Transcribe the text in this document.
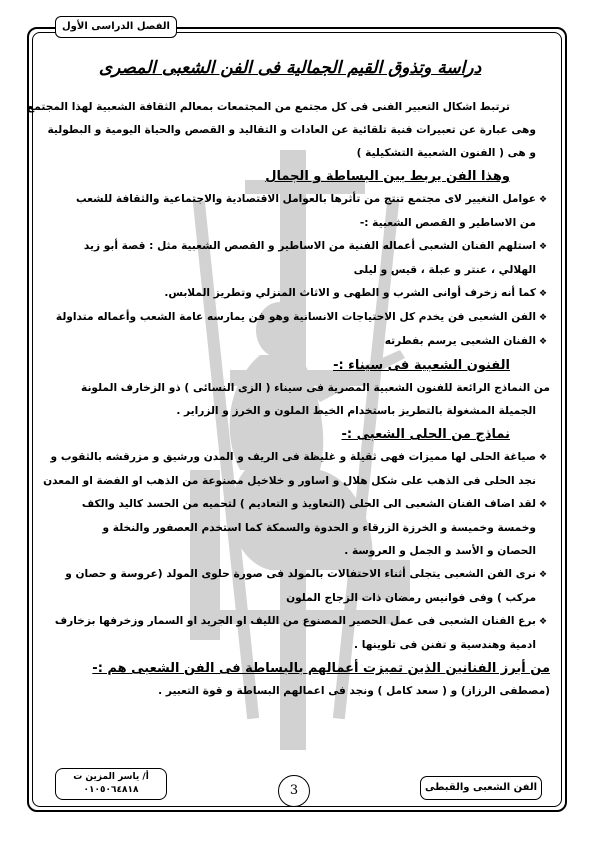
الفصل الدراسى الأول
دراسة وتذوق القيم الجمالية فى الفن الشعبى المصرى

ترتبط اشكال التعبير الفنى فى كل مجتمع من المجتمعات بمعالم الثقافة الشعبية لهذا المجتمع

وهى عبارة عن تعبيرات فنية تلقائية عن العادات و التقاليد و القصص والحياة اليومية و البطولية

و هى ( الفنون الشعبية التشكيلية )

وهذا الفن يربط بين البساطة و الجمال

❖عوامل التغيير لاى مجتمع تنتج من تأثرها بالعوامل الاقتصادية والاجتماعية والثقافة للشعب

من الاساطير و القصص الشعبية :-

❖استلهم الفنان الشعبى أعماله الفنية من الاساطير و القصص الشعبية مثل : قصة أبو زيد

الهلالي ، عنتر و عبلة ، قيس و ليلى

❖كما أنه زخرف أوانى الشرب و الطهى و الاثاث المنزلي وتطريز الملابس.

❖الفن الشعبى فن يخدم كل الاحتياجات الانسانية وهو فن يمارسه عامة الشعب وأعماله متداولة

❖الفنان الشعبى يرسم بفطرته

الفنون الشعبية فى سيناء :-

من النماذج الرائعة للفنون الشعبية المصرية فى سيناء ( الزى النسائى ) ذو الزخارف الملونة

الجميلة المشغولة بالتطريز باستخدام الخيط الملون و الخرز و الزراير .

نماذج من الحلى الشعبى :-

❖صياغة الحلى لها مميزات فهى ثقيلة و غليظة فى الريف و المدن ورشيق و مزرقشه بالثقوب و

نجد الحلى فى الذهب على شكل هلال و اساور و خلاخيل مصنوعة من الذهب او الفضة او المعدن

❖لقد اضاف الفنان الشعبى الى الحلى (التعاويذ و التعاديم ) لتحميه من الحسد كاليد والكف

وخمسة وخميسة و الخرزة الزرقاء و الحدوة والسمكة كما استخدم العصفور والنخلة و

الحصان و الأسد و الجمل و العروسة .

❖نرى الفن الشعبى يتجلى أثناء الاحتفالات بالمولد فى صورة حلوى المولد (عروسة و حصان و

مركب ) وفى فوانيس رمضان ذات الزجاج الملون

❖برع الفنان الشعبى فى عمل الحصير المصنوع من الليف او الجريد او السمار وزخرفها بزخارف

ادمية وهندسية و تفنن فى تلوينها .

من أبرز الفنانين الذين تميزت أعمالهم بالبساطة فى الفن الشعبى هم :-

(مصطفى الرزاز) و ( سعد كامل ) ونجد فى اعمالهم البساطة و قوة التعبير .

أ/ ياسر المزين ت
٠١٠٥٠٦٤٨١٨	3	الفن الشعبى والقبطى
